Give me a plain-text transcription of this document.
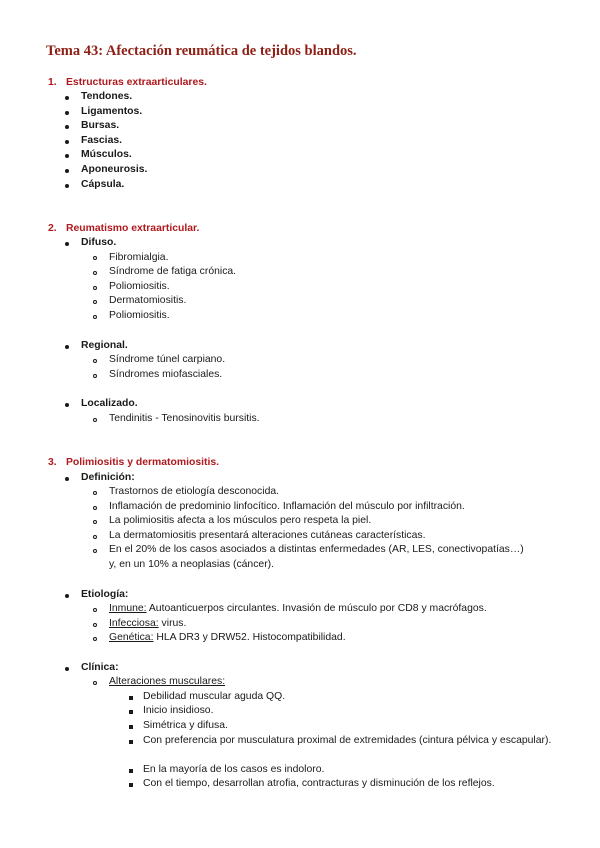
Tema 43: Afectación reumática de tejidos blandos.
1. Estructuras extraarticulares.
Tendones.
Ligamentos.
Bursas.
Fascias.
Músculos.
Aponeurosis.
Cápsula.
2. Reumatismo extraarticular.
Difuso.
Fibromialgia.
Síndrome de fatiga crónica.
Poliomiositis.
Dermatomiositis.
Poliomiositis.
Regional.
Síndrome túnel carpiano.
Síndromes miofasciales.
Localizado.
Tendinitis - Tenosinovitis bursitis.
3. Polimiositis y dermatomiositis.
Definición:
Trastornos de etiología desconocida.
Inflamación de predominio linfocítico. Inflamación del músculo por infiltración.
La polimiositis afecta a los músculos pero respeta la piel.
La dermatomiositis presentará alteraciones cutáneas características.
En el 20% de los casos asociados a distintas enfermedades (AR, LES, conectivopatías…)
y, en un 10% a neoplasias (cáncer).
Etiología:
Inmune: Autoanticuerpos circulantes. Invasión de músculo por CD8 y macrófagos.
Infecciosa: virus.
Genética: HLA DR3 y DRW52. Histocompatibilidad.
Clínica:
Alteraciones musculares:
Debilidad muscular aguda QQ.
Inicio insidioso.
Simétrica y difusa.
Con preferencia por musculatura proximal de extremidades (cintura pélvica y escapular).
En la mayoría de los casos es indoloro.
Con el tiempo, desarrollan atrofia, contracturas y disminución de los reflejos.
